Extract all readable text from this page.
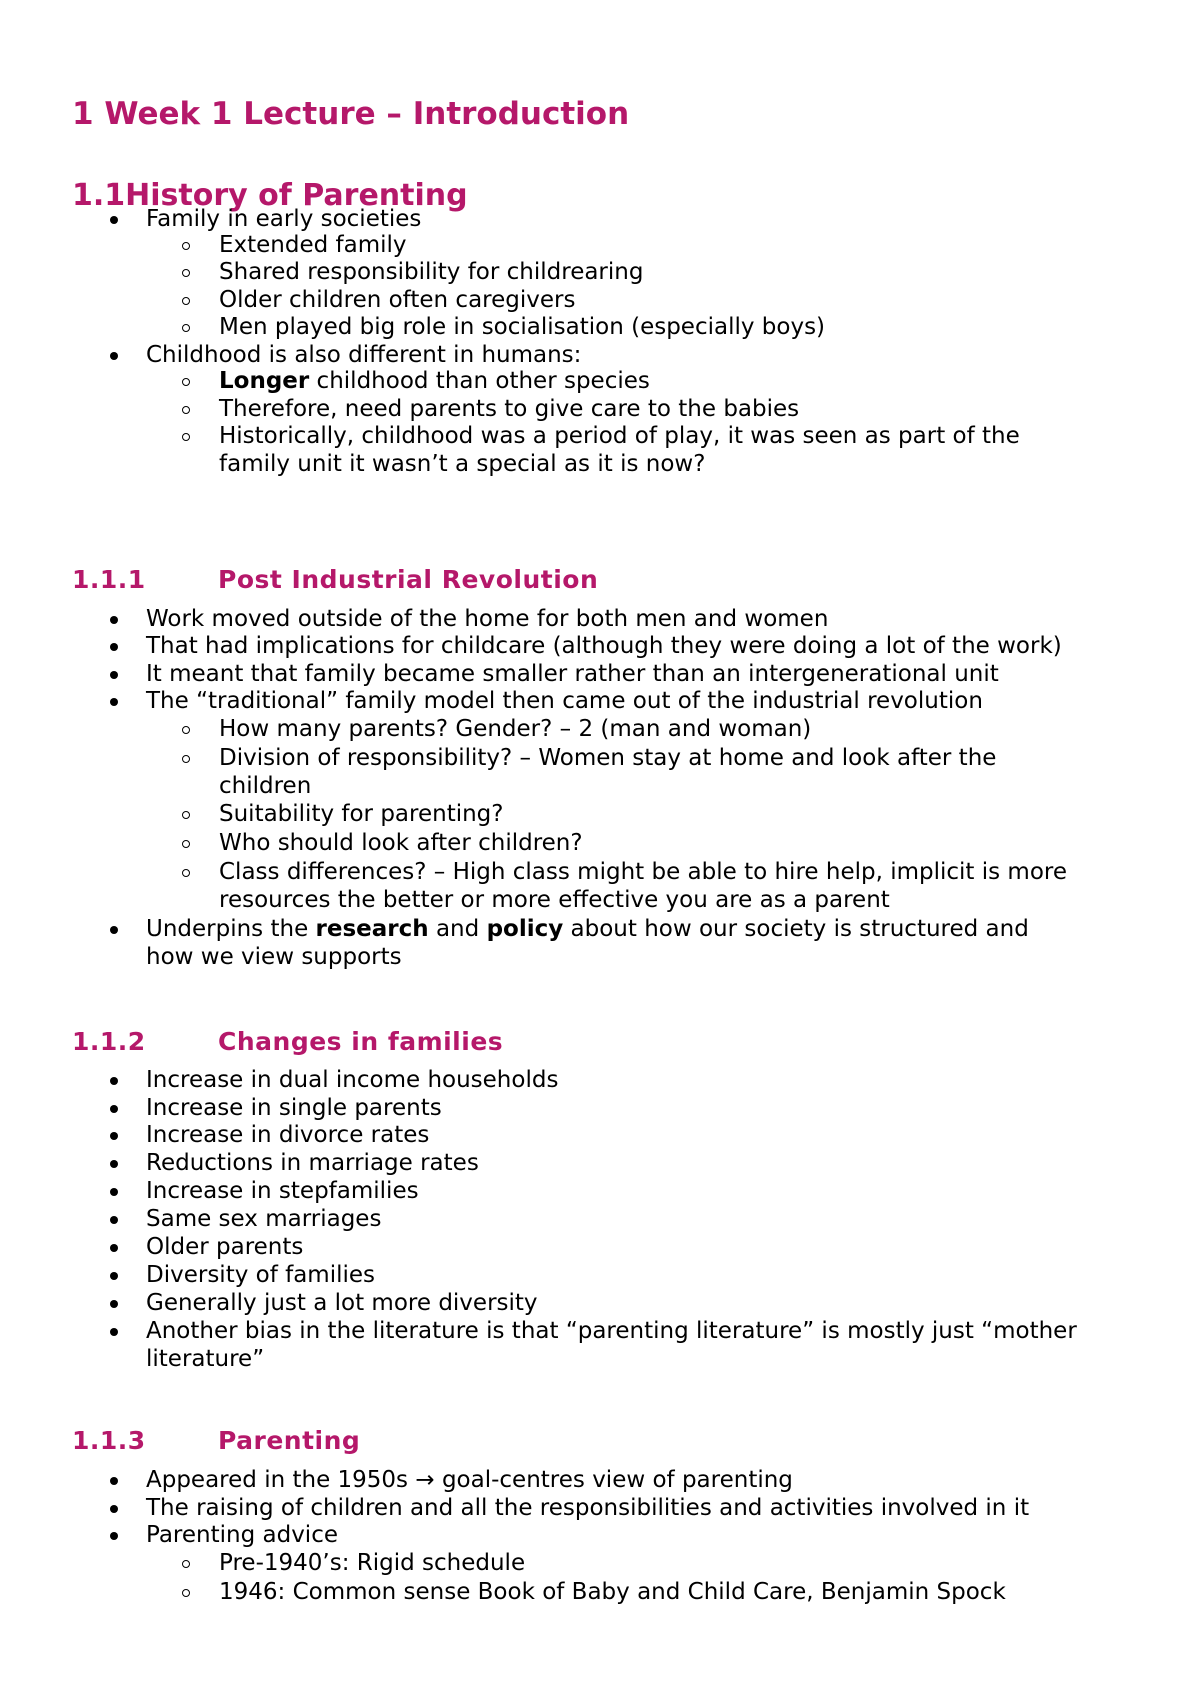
1 Week 1 Lecture – Introduction
1.1History of Parenting
Family in early societies
Extended family
Shared responsibility for childrearing
Older children often caregivers
Men played big role in socialisation (especially boys)
Childhood is also different in humans:
Longer childhood than other species
Therefore, need parents to give care to the babies
Historically, childhood was a period of play, it was seen as part of the
family unit it wasn’t a special as it is now?
1.1.1	Post Industrial Revolution
Work moved outside of the home for both men and women
That had implications for childcare (although they were doing a lot of the work)
It meant that family became smaller rather than an intergenerational unit
The “traditional” family model then came out of the industrial revolution
How many parents? Gender? – 2 (man and woman)
Division of responsibility? – Women stay at home and look after the
children
Suitability for parenting?
Who should look after children?
Class differences? – High class might be able to hire help, implicit is more
resources the better or more effective you are as a parent
Underpins the research and policy about how our society is structured and
how we view supports
1.1.2	Changes in families
Increase in dual income households
Increase in single parents
Increase in divorce rates
Reductions in marriage rates
Increase in stepfamilies
Same sex marriages
Older parents
Diversity of families
Generally just a lot more diversity
Another bias in the literature is that “parenting literature” is mostly just “mother
literature”
1.1.3	Parenting
Appeared in the 1950s → goal-centres view of parenting
The raising of children and all the responsibilities and activities involved in it
Parenting advice
Pre-1940’s: Rigid schedule
1946: Common sense Book of Baby and Child Care, Benjamin Spock
